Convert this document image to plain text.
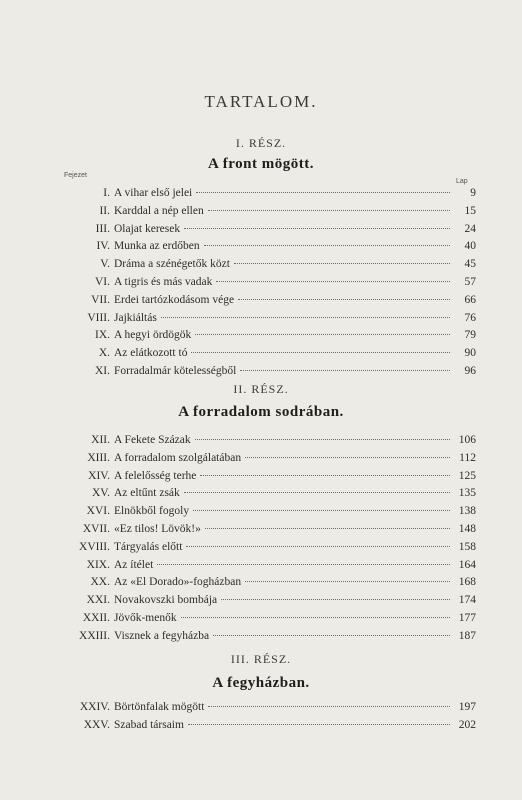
TARTALOM.
I. RÉSZ.
A front mögött.
Fejezet
Lap
I. A vihar első jelei	9
II. Karddal a nép ellen	15
III. Olajat keresek	24
IV. Munka az erdőben	40
V. Dráma a szénégetők közt	45
VI. A tigris és más vadak	57
VII. Erdei tartózkodásom vége	66
VIII. Jajkiáltás	76
IX. A hegyi ördögök	79
X. Az elátkozott tó	90
XI. Forradalmár kötelességből	96
II. RÉSZ.
A forradalom sodrában.
XII. A Fekete Százak	106
XIII. A forradalom szolgálatában	112
XIV. A felelősség terhe	125
XV. Az eltűnt zsák	135
XVI. Elnökből fogoly	138
XVII. «Ez tilos! Lövök!»	148
XVIII. Tárgyalás előtt	158
XIX. Az ítélet	164
XX. Az «El Dorado»-fogházban	168
XXI. Novakovszki bombája	174
XXII. Jövők-menők	177
XXIII. Visznek a fegyházba	187
III. RÉSZ.
A fegyházban.
XXIV. Börtönfalak mögött	197
XXV. Szabad társaim	202
